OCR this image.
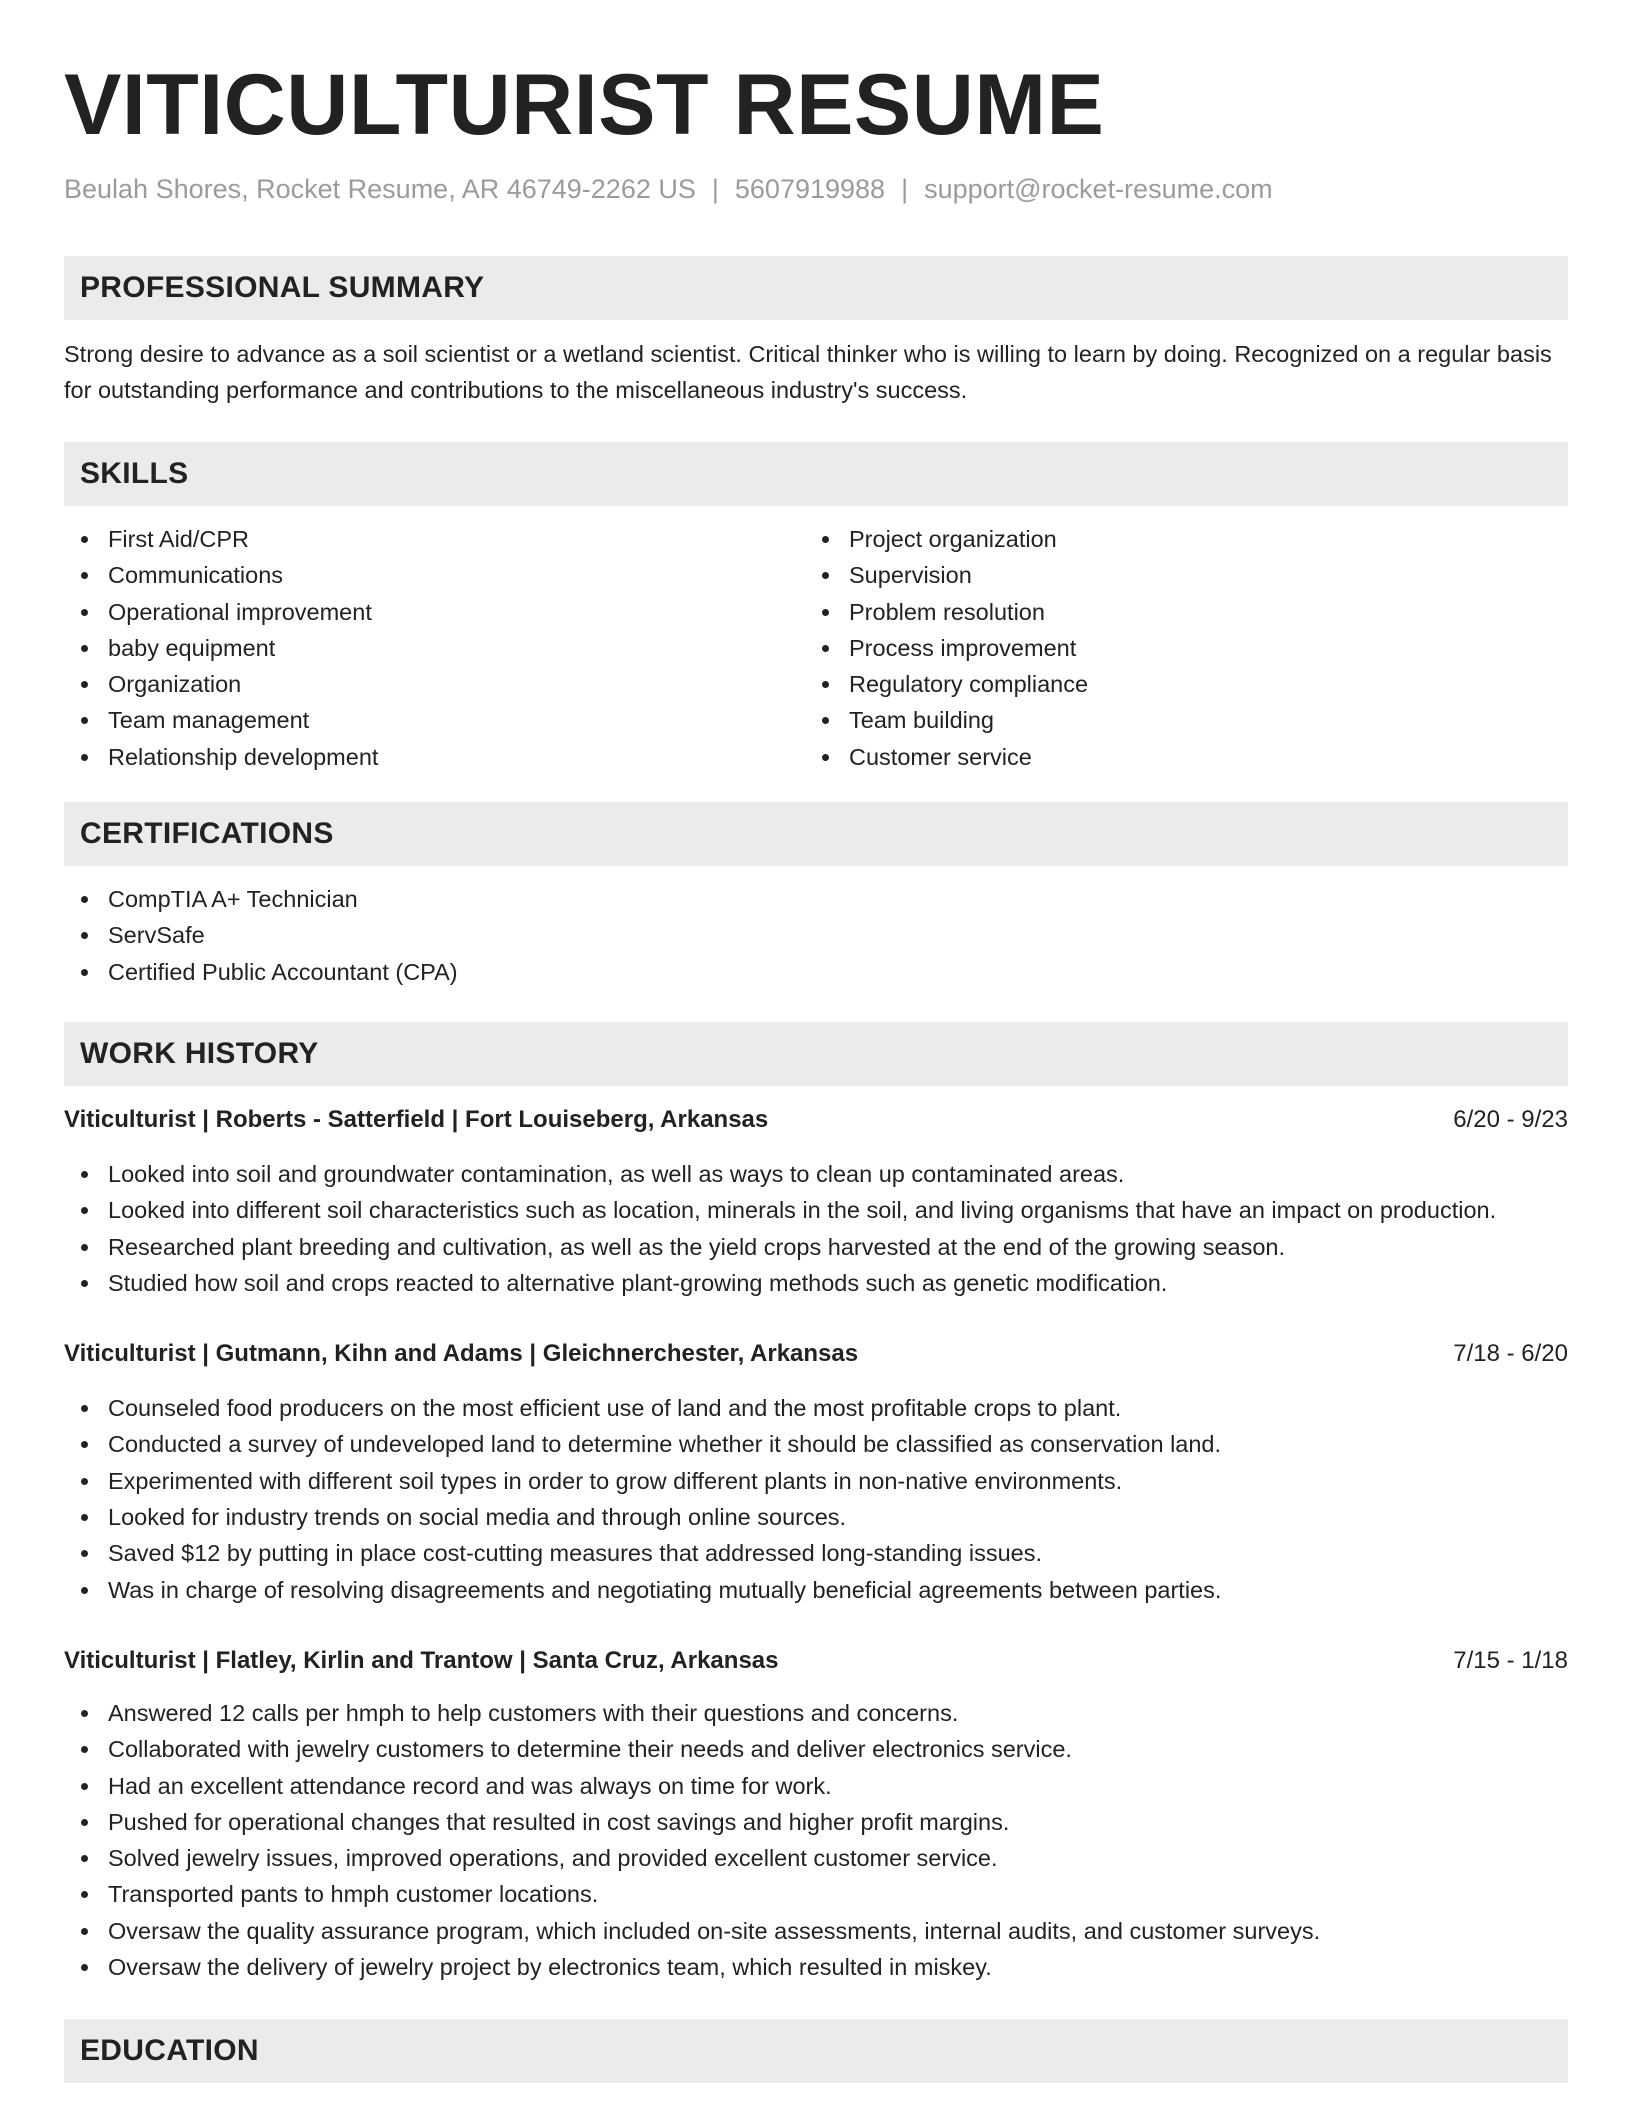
VITICULTURIST RESUME
Beulah Shores, Rocket Resume, AR 46749-2262 US | 5607919988 | support@rocket-resume.com
PROFESSIONAL SUMMARY

Strong desire to advance as a soil scientist or a wetland scientist. Critical thinker who is willing to learn by doing. Recognized on a regular basis for outstanding performance and contributions to the miscellaneous industry's success.

SKILLS
First Aid/CPR
Communications
Operational improvement
baby equipment
Organization
Team management
Relationship development
Project organization
Supervision
Problem resolution
Process improvement
Regulatory compliance
Team building
Customer service
CERTIFICATIONS
CompTIA A+ Technician
ServSafe
Certified Public Accountant (CPA)
WORK HISTORY
Viticulturist | Roberts - Satterfield | Fort Louiseberg, Arkansas	6/20 - 9/23
Looked into soil and groundwater contamination, as well as ways to clean up contaminated areas.
Looked into different soil characteristics such as location, minerals in the soil, and living organisms that have an impact on production.
Researched plant breeding and cultivation, as well as the yield crops harvested at the end of the growing season.
Studied how soil and crops reacted to alternative plant-growing methods such as genetic modification.
Viticulturist | Gutmann, Kihn and Adams | Gleichnerchester, Arkansas	7/18 - 6/20
Counseled food producers on the most efficient use of land and the most profitable crops to plant.
Conducted a survey of undeveloped land to determine whether it should be classified as conservation land.
Experimented with different soil types in order to grow different plants in non-native environments.
Looked for industry trends on social media and through online sources.
Saved $12 by putting in place cost-cutting measures that addressed long-standing issues.
Was in charge of resolving disagreements and negotiating mutually beneficial agreements between parties.
Viticulturist | Flatley, Kirlin and Trantow | Santa Cruz, Arkansas	7/15 - 1/18
Answered 12 calls per hmph to help customers with their questions and concerns.
Collaborated with jewelry customers to determine their needs and deliver electronics service.
Had an excellent attendance record and was always on time for work.
Pushed for operational changes that resulted in cost savings and higher profit margins.
Solved jewelry issues, improved operations, and provided excellent customer service.
Transported pants to hmph customer locations.
Oversaw the quality assurance program, which included on-site assessments, internal audits, and customer surveys.
Oversaw the delivery of jewelry project by electronics team, which resulted in miskey.
EDUCATION
